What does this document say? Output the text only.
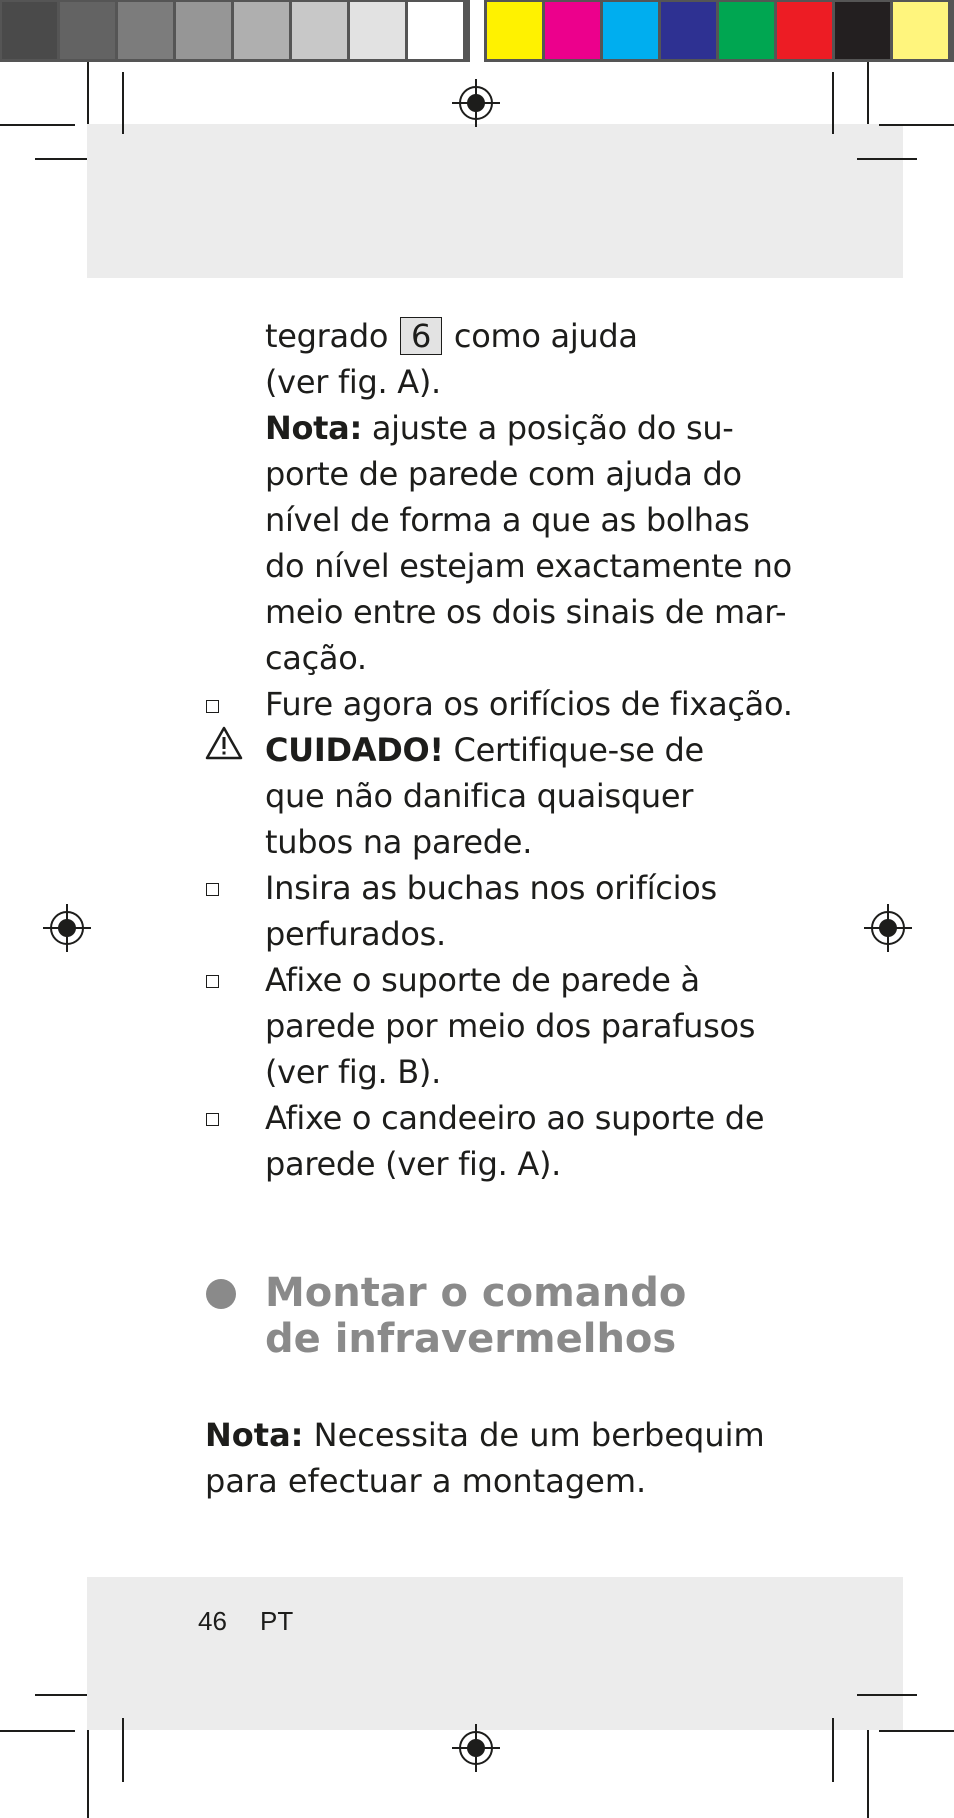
tegrado 6 como ajuda
(ver fig. A).
Nota: ajuste a posição do su-
porte de parede com ajuda do
nível de forma a que as bolhas
do nível estejam exactamente no
meio entre os dois sinais de mar-
cação.
Fure agora os orifícios de fixação.
CUIDADO! Certifique-se de
que não danifica quaisquer
tubos na parede.
Insira as buchas nos orifícios
perfurados.
Afixe o suporte de parede à
parede por meio dos parafusos
(ver fig. B).
Afixe o candeeiro ao suporte de
parede (ver fig. A).
Montar o comando
de infravermelhos
Nota: Necessita de um berbequim
para efectuar a montagem.
46 PT
